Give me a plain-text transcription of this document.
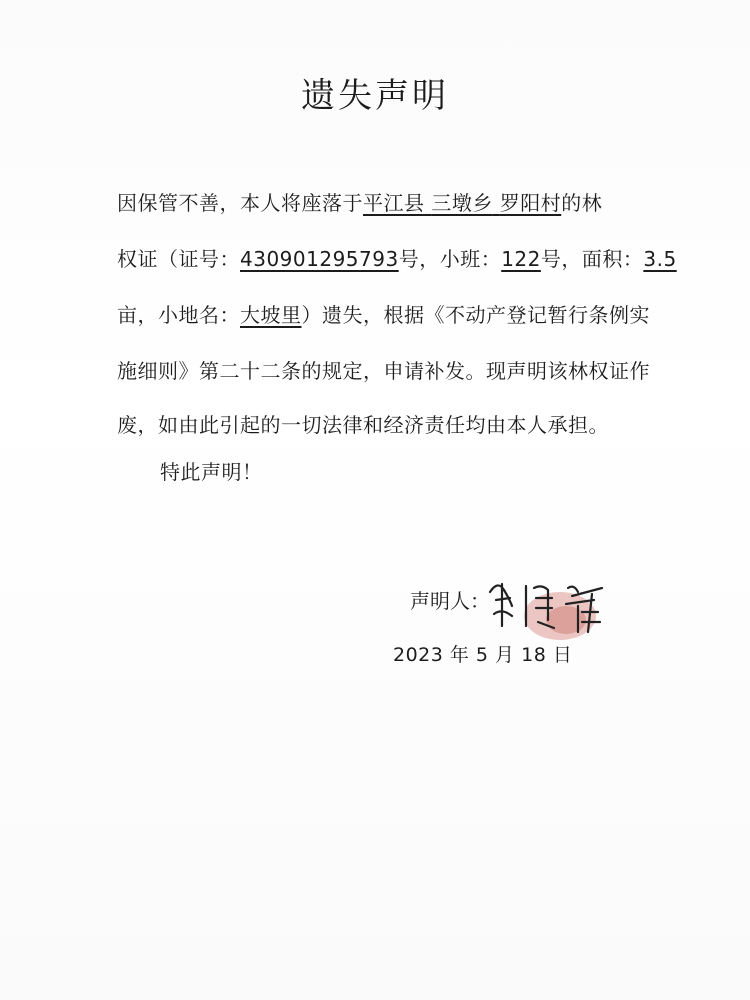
遗失声明
因保管不善，本人将座落于平江县 三墩乡 罗阳村的林
权证（证号：430901295793号，小班：122号，面积：3.5
亩，小地名：大坡里）遗失，根据《不动产登记暂行条例实
施细则》第二十二条的规定，申请补发。现声明该林权证作
废，如由此引起的一切法律和经济责任均由本人承担。
特此声明！
声明人：
2023 年 5 月 18 日
